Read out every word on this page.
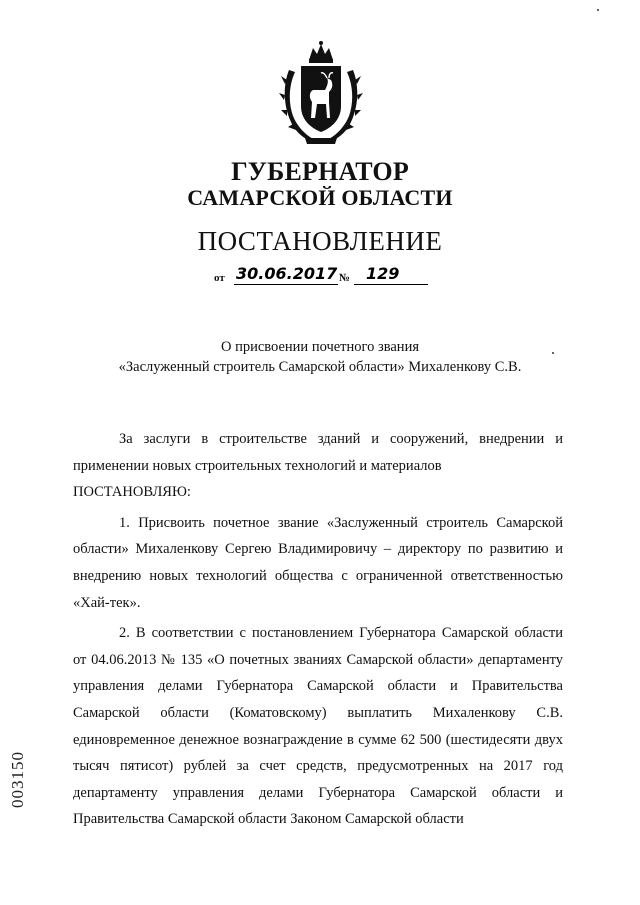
ГУБЕРНАТОР
САМАРСКОЙ ОБЛАСТИ
ПОСТАНОВЛЕНИЕ
от 30.06.2017 № 129
О присвоении почетного звания
«Заслуженный строитель Самарской области» Михаленкову С.В.

За заслуги в строительстве зданий и сооружений, внедрении и применении новых строительных технологий и материалов

ПОСТАНОВЛЯЮ:

1. Присвоить почетное звание «Заслуженный строитель Самарской области» Михаленкову Сергею Владимировичу – директору по развитию и внедрению новых технологий общества с ограниченной ответственностью «Хай-тек».

2. В соответствии с постановлением Губернатора Самарской области от 04.06.2013 № 135 «О почетных званиях Самарской области» департаменту управления делами Губернатора Самарской области и Правительства Самарской области (Коматовскому) выплатить Михаленкову С.В. единовременное денежное вознаграждение в сумме 62 500 (шестидесяти двух тысяч пятисот) рублей за счет средств, предусмотренных на 2017 год департаменту управления делами Губернатора Самарской области и Правительства Самарской области Законом Самарской области

003150
